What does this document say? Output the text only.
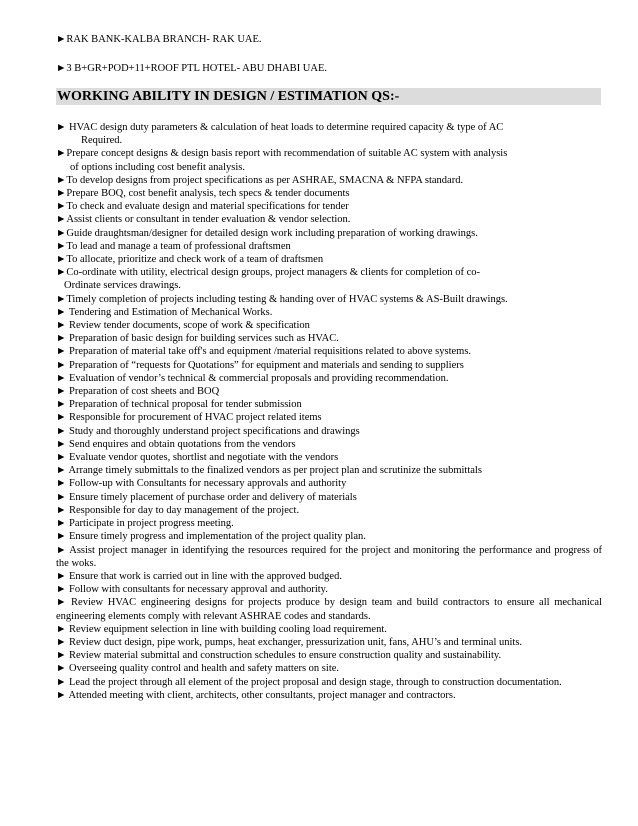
►RAK BANK-KALBA BRANCH- RAK UAE.
►3 B+GR+POD+11+ROOF PTL HOTEL- ABU DHABI UAE.
WORKING ABILITY IN DESIGN / ESTIMATION QS:-
► HVAC design duty parameters & calculation of heat loads to determine required capacity & type of AC
Required.
►Prepare concept designs & design basis report with recommendation of suitable AC system with analysis
of options including cost benefit analysis.
►To develop designs from project specifications as per ASHRAE, SMACNA & NFPA standard.
►Prepare BOQ, cost benefit analysis, tech specs & tender documents
►To check and evaluate design and material specifications for tender
►Assist clients or consultant in tender evaluation & vendor selection.
►Guide draughtsman/designer for detailed design work including preparation of working drawings.
►To lead and manage a team of professional draftsmen
►To allocate, prioritize and check work of a team of draftsmen
►Co-ordinate with utility, electrical design groups, project managers & clients for completion of co-
Ordinate services drawings.
►Timely completion of projects including testing & handing over of HVAC systems & AS-Built drawings.
► Tendering and Estimation of Mechanical Works.
► Review tender documents, scope of work & specification
► Preparation of basic design for building services such as HVAC.
► Preparation of material take off's and equipment /material requisitions related to above systems.
► Preparation of “requests for Quotations” for equipment and materials and sending to suppliers
► Evaluation of vendor’s technical & commercial proposals and providing recommendation.
► Preparation of cost sheets and BOQ
► Preparation of technical proposal for tender submission
► Responsible for procurement of HVAC project related items
► Study and thoroughly understand project specifications and drawings
► Send enquires and obtain quotations from the vendors
► Evaluate vendor quotes, shortlist and negotiate with the vendors
► Arrange timely submittals to the finalized vendors as per project plan and scrutinize the submittals
► Follow-up with Consultants for necessary approvals and authority
► Ensure timely placement of purchase order and delivery of materials
► Responsible for day to day management of the project.
► Participate in project progress meeting.
► Ensure timely progress and implementation of the project quality plan.
► Assist project manager in identifying the resources required for the project and monitoring the performance and progress of the woks.
► Ensure that work is carried out in line with the approved budged.
► Follow with consultants for necessary approval and authority.
► Review HVAC engineering designs for projects produce by design team and build contractors to ensure all mechanical engineering elements comply with relevant ASHRAE codes and standards.
► Review equipment selection in line with building cooling load requirement.
► Review duct design, pipe work, pumps, heat exchanger, pressurization unit, fans, AHU’s and terminal units.
► Review material submittal and construction schedules to ensure construction quality and sustainability.
► Overseeing quality control and health and safety matters on site.
► Lead the project through all element of the project proposal and design stage, through to construction documentation.
► Attended meeting with client, architects, other consultants, project manager and contractors.
